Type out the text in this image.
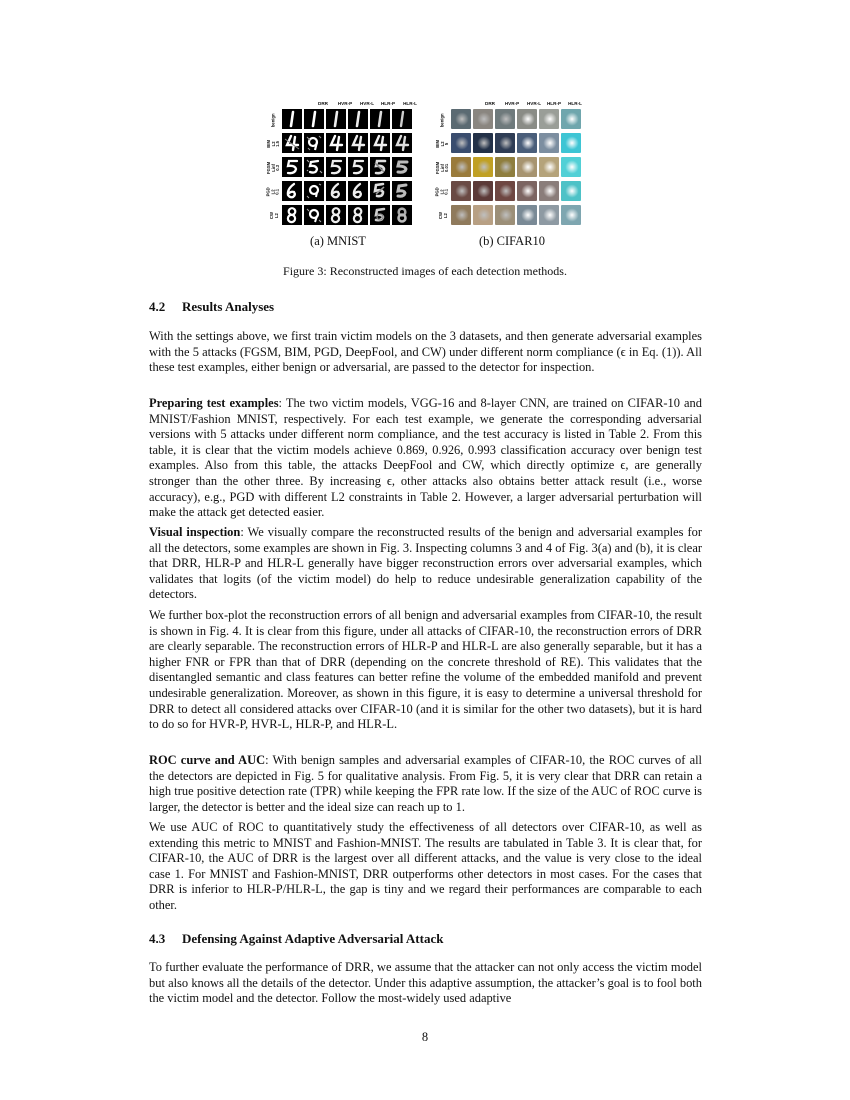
DRR HVR-P HVR-L HLR-P HLR-L
benign
BIM
L2
1.5
FGSM
Linf
0.3
PGD
L2
0.1
CW
L2
DRR HVR-P HVR-L HLR-P HLR-L
benign
BIM
L2
5
FGSM
Linf
0.01
PGD
L2
0.1
CW
L2
(a) MNIST	(b) CIFAR10
Figure 3: Reconstructed images of each detection methods.
4.2 Results Analyses

With the settings above, we first train victim models on the 3 datasets, and then generate adversarial examples with the 5 attacks (FGSM, BIM, PGD, DeepFool, and CW) under different norm compliance (ϵ in Eq. (1)). All these test examples, either benign or adversarial, are passed to the detector for inspection.

Preparing test examples: The two victim models, VGG-16 and 8-layer CNN, are trained on CIFAR-10 and MNIST/Fashion MNIST, respectively. For each test example, we generate the corresponding adversarial versions with 5 attacks under different norm compliance, and the test accuracy is listed in Table 2. From this table, it is clear that the victim models achieve 0.869, 0.926, 0.993 classification accuracy over benign test examples. Also from this table, the attacks DeepFool and CW, which directly optimize ϵ, are generally stronger than the other three. By increasing ϵ, other attacks also obtains better attack result (i.e., worse accuracy), e.g., PGD with different L2 constraints in Table 2. However, a larger adversarial perturbation will make the attack get detected easier.

Visual inspection: We visually compare the reconstructed results of the benign and adversarial examples for all the detectors, some examples are shown in Fig. 3. Inspecting columns 3 and 4 of Fig. 3(a) and (b), it is clear that DRR, HLR-P and HLR-L generally have bigger reconstruction errors over adversarial examples, which validates that logits (of the victim model) do help to reduce undesirable generalization capability of the detectors.

We further box-plot the reconstruction errors of all benign and adversarial examples from CIFAR-10, the result is shown in Fig. 4. It is clear from this figure, under all attacks of CIFAR-10, the reconstruction errors of DRR are clearly separable. The reconstruction errors of HLR-P and HLR-L are also generally separable, but it has a higher FNR or FPR than that of DRR (depending on the concrete threshold of RE). This validates that the disentangled semantic and class features can better refine the volume of the embedded manifold and prevent undesirable generalization. Moreover, as shown in this figure, it is easy to determine a universal threshold for DRR to detect all considered attacks over CIFAR-10 (and it is similar for the other two datasets), but it is hard to do so for HVR-P, HVR-L, HLR-P, and HLR-L.

ROC curve and AUC: With benign samples and adversarial examples of CIFAR-10, the ROC curves of all the detectors are depicted in Fig. 5 for qualitative analysis. From Fig. 5, it is very clear that DRR can retain a high true positive detection rate (TPR) while keeping the FPR rate low. If the size of the AUC of ROC curve is larger, the detector is better and the ideal size can reach up to 1.

We use AUC of ROC to quantitatively study the effectiveness of all detectors over CIFAR-10, as well as extending this metric to MNIST and Fashion-MNIST. The results are tabulated in Table 3. It is clear that, for CIFAR-10, the AUC of DRR is the largest over all different attacks, and the value is very close to the ideal case 1. For MNIST and Fashion-MNIST, DRR outperforms other detectors in most cases. For the cases that DRR is inferior to HLR-P/HLR-L, the gap is tiny and we regard their performances are comparable to each other.

4.3 Defensing Against Adaptive Adversarial Attack

To further evaluate the performance of DRR, we assume that the attacker can not only access the victim model but also knows all the details of the detector. Under this adaptive assumption, the attacker’s goal is to fool both the victim model and the detector. Follow the most-widely used adaptive

8
